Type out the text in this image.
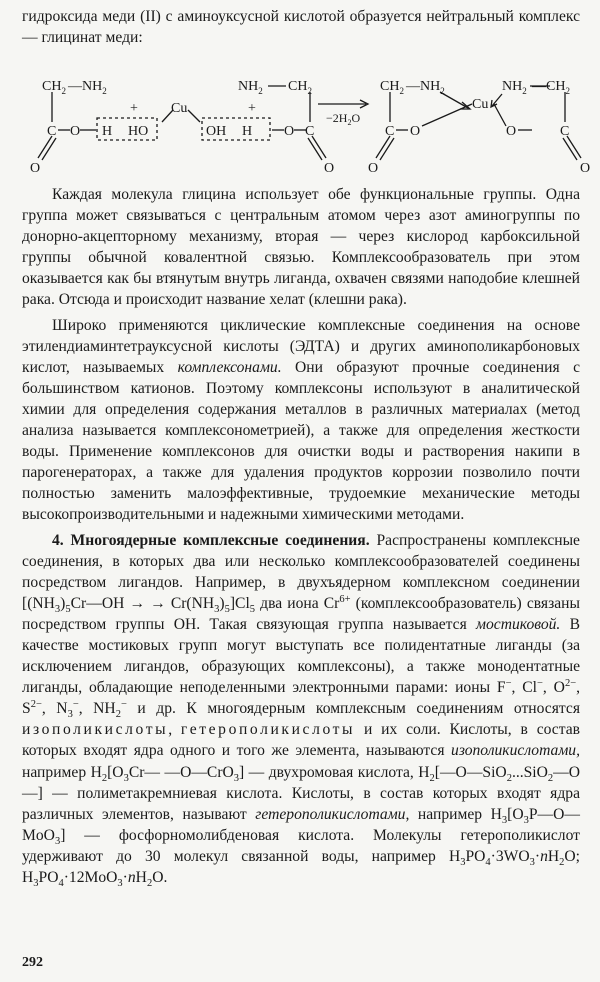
гидроксида меди (II) с аминоуксусной кислотой образуется нейтральный комплекс — глицинат меди:

$CH_2$ $—NH_2$
C
O
O H HO
+ Cu
OH H
+
O C
O
$NH_2$ $CH_2$
$-2H_2O$
$CH_2$ $—NH_2$
C
O
O
Cu
$NH_2$ $—CH_2$
O	C
O

Каждая молекула глицина использует обе функциональные группы. Одна группа может связываться с центральным атомом через азот аминогруппы по донорно-акцепторному механизму, вторая — через кислород карбоксильной группы обычной ковалентной связью. Комплексообразователь при этом оказывается как бы втянутым внутрь лиганда, охвачен связями наподобие клешней рака. Отсюда и происходит название хелат (клешни рака).

Широко применяются циклические комплексные соединения на основе этилендиаминтетрауксусной кислоты (ЭДТА) и других аминополикарбоновых кислот, называемых комплексонами. Они образуют прочные соединения с большинством катионов. Поэтому комплексоны используют в аналитической химии для определения содержания металлов в различных материалах (метод анализа называется комплексонометрией), а также для определения жесткости воды. Применение комплексонов для очистки воды и растворения накипи в парогенераторах, а также для удаления продуктов коррозии позволило почти полностью заменить малоэффективные, трудоемкие механические методы высокопроизводительными и надежными химическими методами.

4. Многоядерные комплексные соединения. Распространены комплексные соединения, в которых два или несколько комплексообразователей соединены посредством лигандов. Например, в двухъядерном комплексном соединении [$(NH_3)_5Cr—OH$ → → $Cr(NH_3)_5]Cl_5$ два иона $Cr^{6+}$ (комплексообразователь) связаны посредством группы ОН. Такая связующая группа называется мостиковой. В качестве мостиковых групп могут выступать все полидентатные лиганды (за исключением лигандов, образующих комплексоны), а также монодентатные лиганды, обладающие неподеленными электронными парами: ионы F−, Cl−, $O^{2-}$, $S^{2-}$, $N_3^-$, $NH_2^-$ и др. К многоядерным комплексным соединениям относятся изополикислоты, гетерополикислоты и их соли. Кислоты, в состав которых входят ядра одного и того же элемента, называются изополикислотами, например $H_2[O_3Cr—$ —O—CrO$_3$] — двухромовая кислота, $H_2[—O—SiO_2...SiO_2—O—]$ — полиметакремниевая кислота. Кислоты, в состав которых входят ядра различных элементов, называют гетерополикислотами, например $H_3[O_3P—O—MoO_3]$ — фосфорномолибденовая кислота. Молекулы гетерополикислот удерживают до 30 молекул связанной воды, например $H_3PO_4\cdot 3WO_3\cdot nH_2O$; $H_3PO_4\cdot 12MoO_3\cdot nH_2O$.

292
